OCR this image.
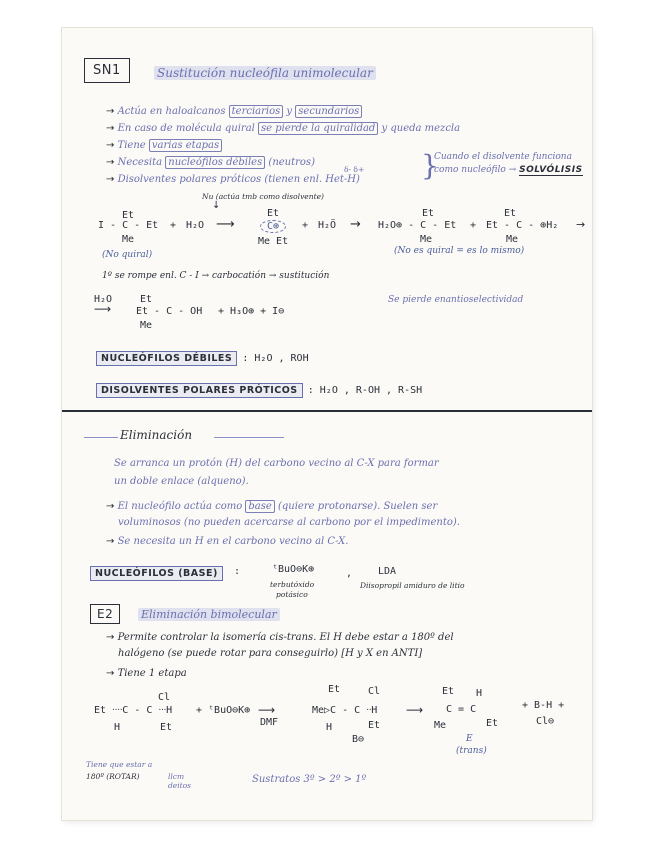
SN1	Sustitución nucleófila unimolecular
→ Actúa en haloalcanos terciarios y secundarios
→ En caso de molécula quiral se pierde la quiralidad y queda mezcla
→ Tiene varias etapas
→ Necesita nucleófilos débiles (neutros)
→ Disolventes polares próticos (tienen enl. Het-H)
δ- δ+ }
Cuando el disolvente funciona
como nucleófilo → SOLVÓLISIS
Nu (actúa tmb como disolvente)
↓
Et
I - C - Et
Me
+ H₂O ⟶
Et
C⊕
Me Et
+ H₂Ö →
Et
H₂O⊕ - C - Et
Me
+
Et
Et - C - ⊕H₂
Me
→
(No quiral)	(No es quiral = es lo mismo)
1º se rompe enl. C - I → carbocatión → sustitución
H₂O
⟶
Et
Et - C - OH
Me
+ H₃O⊕ + I⊖
Se pierde enantioselectividad
NUCLEÓFILOS DÉBILES : H₂O , ROH
DISOLVENTES POLARES PRÓTICOS : H₂O , R-OH , R-SH
Eliminación
Se arranca un protón (H) del carbono vecino al C-X para formar
un doble enlace (alqueno).
→ El nucleófilo actúa como base (quiere protonarse). Suelen ser
voluminosos (no pueden acercarse al carbono por el impedimento).
→ Se necesita un H en el carbono vecino al C-X.
NUCLEÓFILOS (BASE)	:	ᵗBuO⊖K⊕
terbutóxido
potásico
,	LDA
Diisopropil amiduro de litio
E2	Eliminación bimolecular
→ Permite controlar la isomería cis-trans. El H debe estar a 180º del
halógeno (se puede rotar para conseguirlo) [H y X en ANTI]
→ Tiene 1 etapa
Cl
Et ᐧᐧᐧᐧC - C ᐧᐧᐧH
H	Et
+ ᵗBuO⊖K⊕ ⟶
DMF
Et	Cl
Me▷C - C ᐧᐧH
H	Et
B⊖
⟶
Et H
C = C
Me	Et
E
(trans)
+ B-H +
Cl⊖
Tiene que estar a
180º (ROTAR)	llcm deitos
Sustratos 3º > 2º > 1º
